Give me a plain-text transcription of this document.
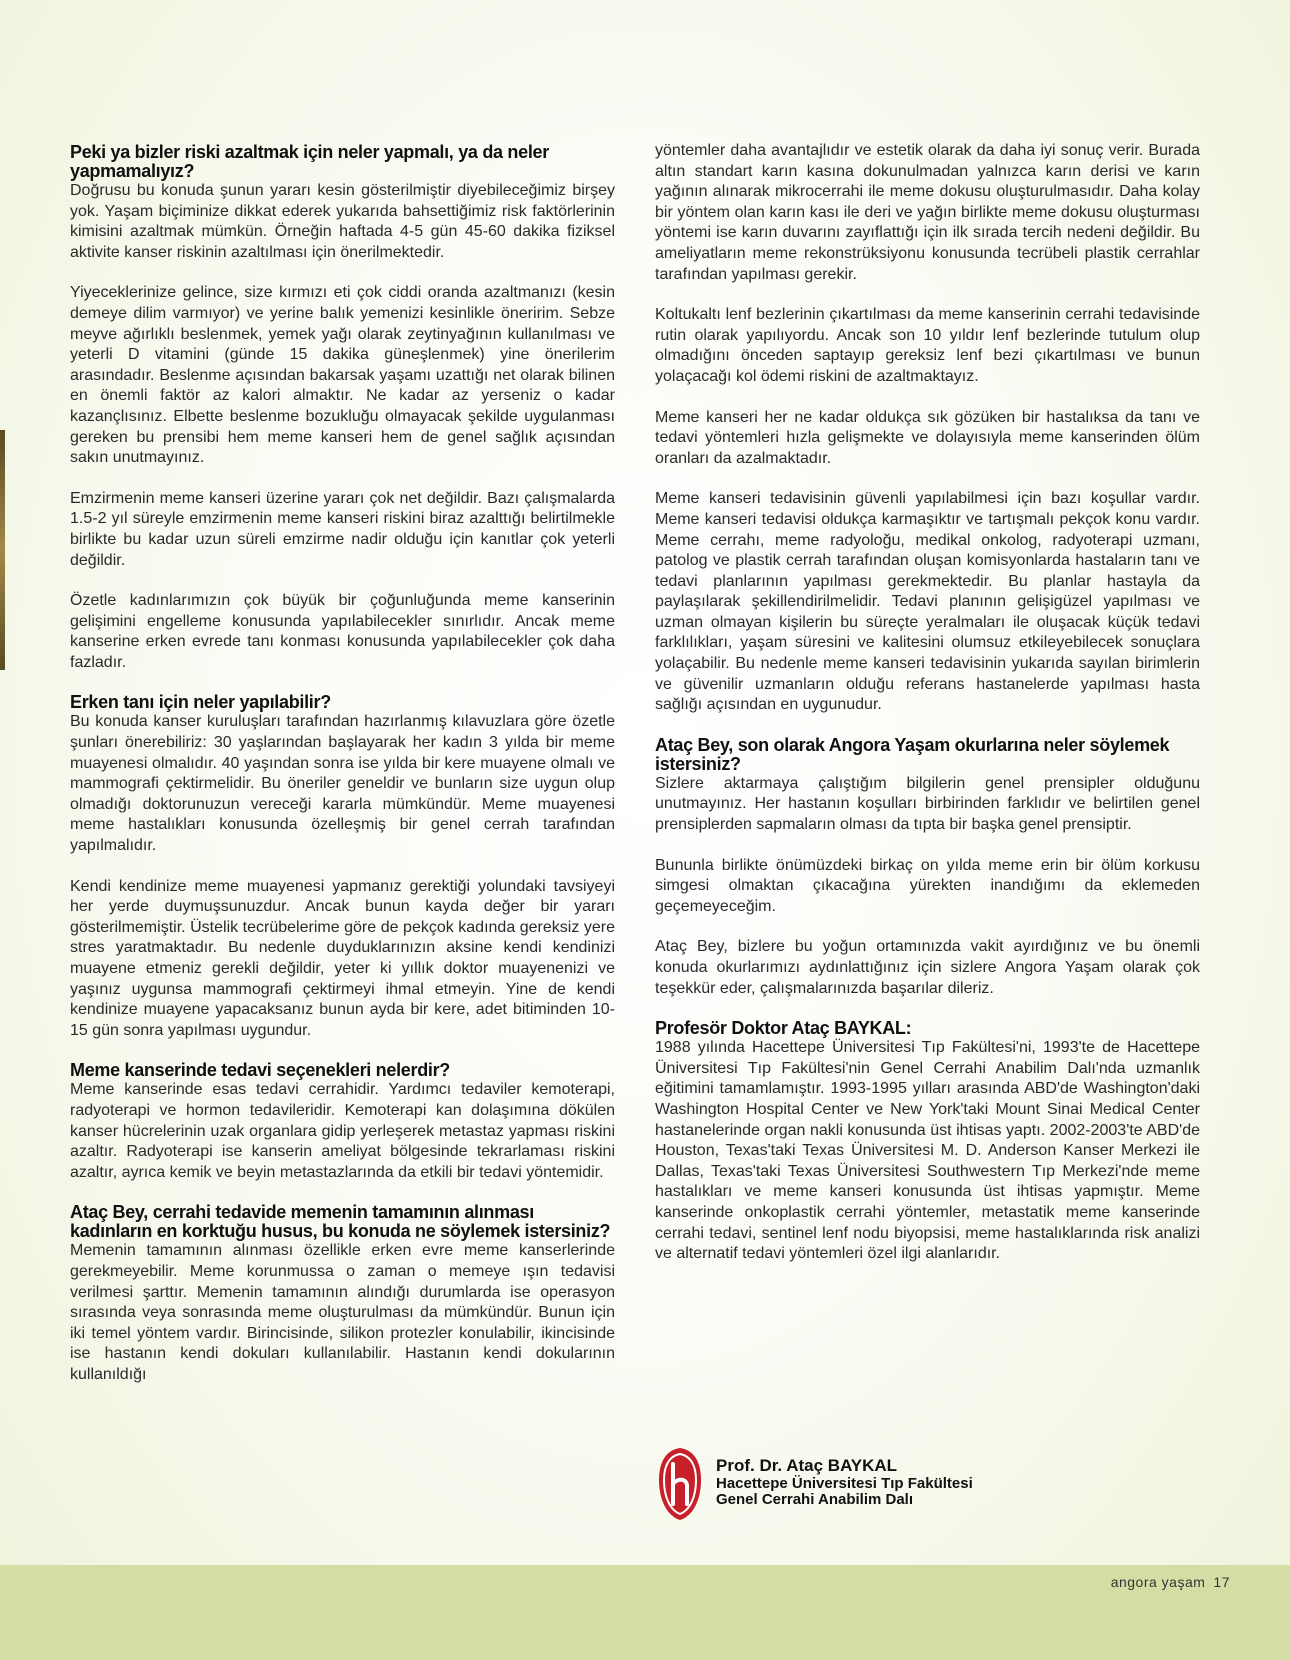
Peki ya bizler riski azaltmak için neler yapmalı, ya da neler yapmamalıyız?

Doğrusu bu konuda şunun yararı kesin gösterilmiştir diyebileceğimiz birşey yok. Yaşam biçiminize dikkat ederek yukarıda bahsettiğimiz risk faktörlerinin kimisini azaltmak mümkün. Örneğin haftada 4-5 gün 45-60 dakika fiziksel aktivite kanser riskinin azaltılması için önerilmektedir.

Yiyeceklerinize gelince, size kırmızı eti çok ciddi oranda azaltmanızı (kesin demeye dilim varmıyor) ve yerine balık yemenizi kesinlikle öneririm. Sebze meyve ağırlıklı beslenmek, yemek yağı olarak zeytinyağının kullanılması ve yeterli D vitamini (günde 15 dakika güneşlenmek) yine önerilerim arasındadır. Beslenme açısından bakarsak yaşamı uzattığı net olarak bilinen en önemli faktör az kalori almaktır. Ne kadar az yerseniz o kadar kazançlısınız. Elbette beslenme bozukluğu olmayacak şekilde uygulanması gereken bu prensibi hem meme kanseri hem de genel sağlık açısından sakın unutmayınız.

Emzirmenin meme kanseri üzerine yararı çok net değildir. Bazı çalışmalarda 1.5-2 yıl süreyle emzirmenin meme kanseri riskini biraz azalttığı belirtilmekle birlikte bu kadar uzun süreli emzirme nadir olduğu için kanıtlar çok yeterli değildir.

Özetle kadınlarımızın çok büyük bir çoğunluğunda meme kanserinin gelişimini engelleme konusunda yapılabilecekler sınırlıdır. Ancak meme kanserine erken evrede tanı konması konusunda yapılabilecekler çok daha fazladır.

Erken tanı için neler yapılabilir?

Bu konuda kanser kuruluşları tarafından hazırlanmış kılavuzlara göre özetle şunları önerebiliriz: 30 yaşlarından başlayarak her kadın 3 yılda bir meme muayenesi olmalıdır. 40 yaşından sonra ise yılda bir kere muayene olmalı ve mammografi çektirmelidir. Bu öneriler geneldir ve bunların size uygun olup olmadığı doktorunuzun vereceği kararla mümkündür. Meme muayenesi meme hastalıkları konusunda özelleşmiş bir genel cerrah tarafından yapılmalıdır.

Kendi kendinize meme muayenesi yapmanız gerektiği yolundaki tavsiyeyi her yerde duymuşsunuzdur. Ancak bunun kayda değer bir yararı gösterilmemiştir. Üstelik tecrübelerime göre de pekçok kadında gereksiz yere stres yaratmaktadır. Bu nedenle duyduklarınızın aksine kendi kendinizi muayene etmeniz gerekli değildir, yeter ki yıllık doktor muayenenizi ve yaşınız uygunsa mammografi çektirmeyi ihmal etmeyin. Yine de kendi kendinize muayene yapacaksanız bunun ayda bir kere, adet bitiminden 10-15 gün sonra yapılması uygundur.

Meme kanserinde tedavi seçenekleri nelerdir?

Meme kanserinde esas tedavi cerrahidir. Yardımcı tedaviler kemoterapi, radyoterapi ve hormon tedavileridir. Kemoterapi kan dolaşımına dökülen kanser hücrelerinin uzak organlara gidip yerleşerek metastaz yapması riskini azaltır. Radyoterapi ise kanserin ameliyat bölgesinde tekrarlaması riskini azaltır, ayrıca kemik ve beyin metastazlarında da etkili bir tedavi yöntemidir.

Ataç Bey, cerrahi tedavide memenin tamamının alınması kadınların en korktuğu husus, bu konuda ne söylemek istersiniz?

Memenin tamamının alınması özellikle erken evre meme kanserlerinde gerekmeyebilir. Meme korunmussa o zaman o memeye ışın tedavisi verilmesi şarttır. Memenin tamamının alındığı durumlarda ise operasyon sırasında veya sonrasında meme oluşturulması da mümkündür. Bunun için iki temel yöntem vardır. Birincisinde, silikon protezler konulabilir, ikincisinde ise hastanın kendi dokuları kullanılabilir. Hastanın kendi dokularının kullanıldığı

yöntemler daha avantajlıdır ve estetik olarak da daha iyi sonuç verir. Burada altın standart karın kasına dokunulmadan yalnızca karın derisi ve karın yağının alınarak mikrocerrahi ile meme dokusu oluşturulmasıdır. Daha kolay bir yöntem olan karın kası ile deri ve yağın birlikte meme dokusu oluşturması yöntemi ise karın duvarını zayıflattığı için ilk sırada tercih nedeni değildir. Bu ameliyatların meme rekonstrüksiyonu konusunda tecrübeli plastik cerrahlar tarafından yapılması gerekir.

Koltukaltı lenf bezlerinin çıkartılması da meme kanserinin cerrahi tedavisinde rutin olarak yapılıyordu. Ancak son 10 yıldır lenf bezlerinde tutulum olup olmadığını önceden saptayıp gereksiz lenf bezi çıkartılması ve bunun yolaçacağı kol ödemi riskini de azaltmaktayız.

Meme kanseri her ne kadar oldukça sık gözüken bir hastalıksa da tanı ve tedavi yöntemleri hızla gelişmekte ve dolayısıyla meme kanserinden ölüm oranları da azalmaktadır.

Meme kanseri tedavisinin güvenli yapılabilmesi için bazı koşullar vardır. Meme kanseri tedavisi oldukça karmaşıktır ve tartışmalı pekçok konu vardır. Meme cerrahı, meme radyoloğu, medikal onkolog, radyoterapi uzmanı, patolog ve plastik cerrah tarafından oluşan komisyonlarda hastaların tanı ve tedavi planlarının yapılması gerekmektedir. Bu planlar hastayla da paylaşılarak şekillendirilmelidir. Tedavi planının gelişigüzel yapılması ve uzman olmayan kişilerin bu süreçte yeralmaları ile oluşacak küçük tedavi farklılıkları, yaşam süresini ve kalitesini olumsuz etkileyebilecek sonuçlara yolaçabilir. Bu nedenle meme kanseri tedavisinin yukarıda sayılan birimlerin ve güvenilir uzmanların olduğu referans hastanelerde yapılması hasta sağlığı açısından en uygunudur.

Ataç Bey, son olarak Angora Yaşam okurlarına neler söylemek istersiniz?

Sizlere aktarmaya çalıştığım bilgilerin genel prensipler olduğunu unutmayınız. Her hastanın koşulları birbirinden farklıdır ve belirtilen genel prensiplerden sapmaların olması da tıpta bir başka genel prensiptir.

Bununla birlikte önümüzdeki birkaç on yılda meme erin bir ölüm korkusu simgesi olmaktan çıkacağına yürekten inandığımı da eklemeden geçemeyeceğim.

Ataç Bey, bizlere bu yoğun ortamınızda vakit ayırdığınız ve bu önemli konuda okurlarımızı aydınlattığınız için sizlere Angora Yaşam olarak çok teşekkür eder, çalışmalarınızda başarılar dileriz.

Profesör Doktor Ataç BAYKAL:

1988 yılında Hacettepe Üniversitesi Tıp Fakültesi'ni, 1993'te de Hacettepe Üniversitesi Tıp Fakültesi'nin Genel Cerrahi Anabilim Dalı'nda uzmanlık eğitimini tamamlamıştır. 1993-1995 yılları arasında ABD'de Washington'daki Washington Hospital Center ve New York'taki Mount Sinai Medical Center hastanelerinde organ nakli konusunda üst ihtisas yaptı. 2002-2003'te ABD'de Houston, Texas'taki Texas Üniversitesi M. D. Anderson Kanser Merkezi ile Dallas, Texas'taki Texas Üniversitesi Southwestern Tıp Merkezi'nde meme hastalıkları ve meme kanseri konusunda üst ihtisas yapmıştır. Meme kanserinde onkoplastik cerrahi yöntemler, metastatik meme kanserinde cerrahi tedavi, sentinel lenf nodu biyopsisi, meme hastalıklarında risk analizi ve alternatif tedavi yöntemleri özel ilgi alanlarıdır.

Prof. Dr. Ataç BAYKAL
Hacettepe Üniversitesi Tıp Fakültesi
Genel Cerrahi Anabilim Dalı
angora yaşam 17
